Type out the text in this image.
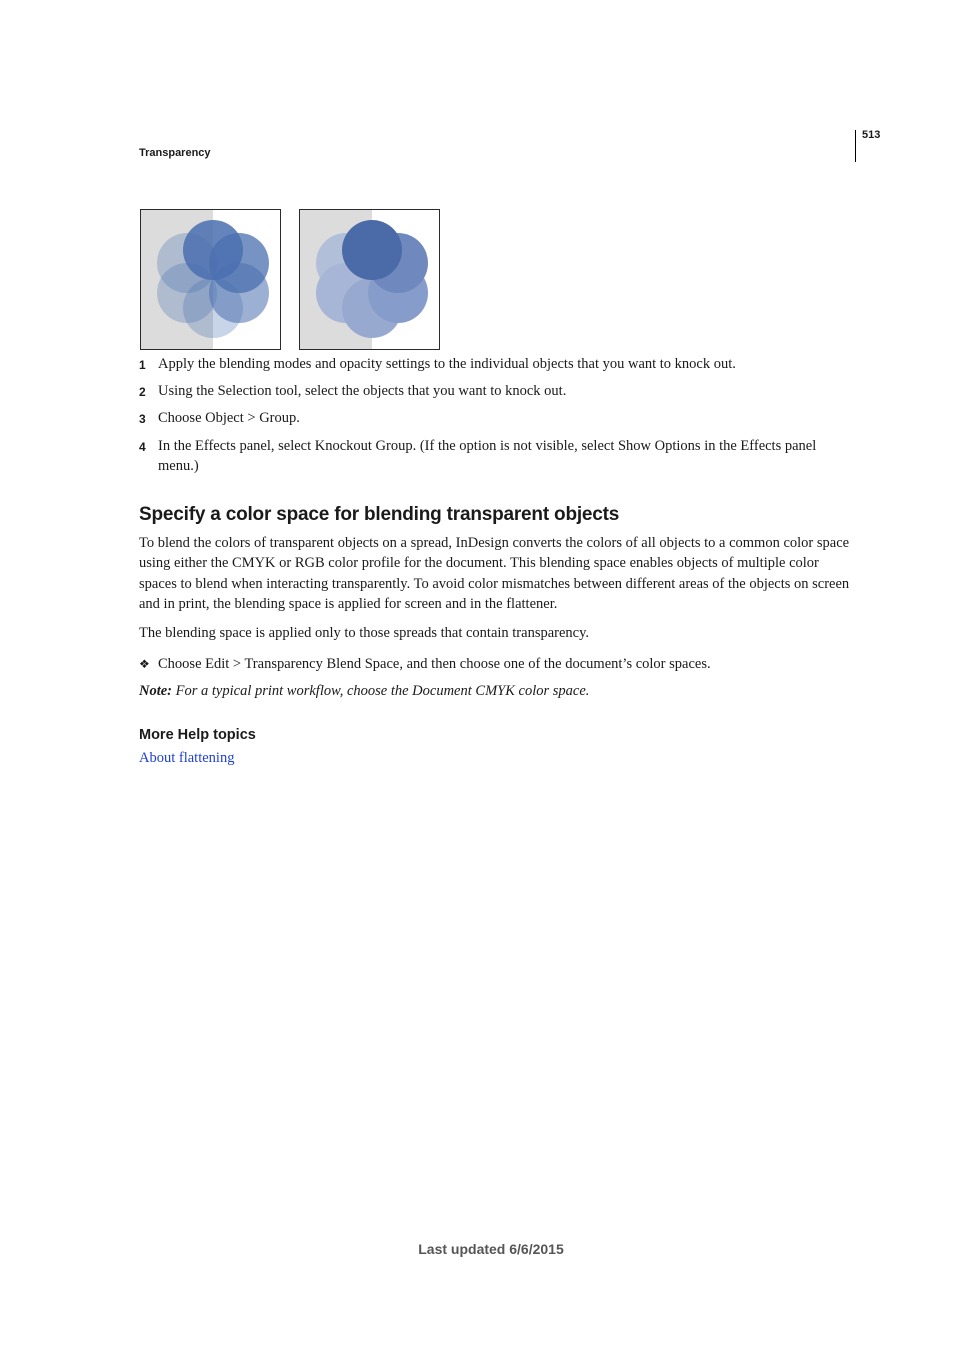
513
Transparency
1 Apply the blending modes and opacity settings to the individual objects that you want to knock out.
2 Using the Selection tool, select the objects that you want to knock out.
3 Choose Object > Group.
4 In the Effects panel, select Knockout Group. (If the option is not visible, select Show Options in the Effects panel menu.)
Specify a color space for blending transparent objects

To blend the colors of transparent objects on a spread, InDesign converts the colors of all objects to a common color space using either the CMYK or RGB color profile for the document. This blending space enables objects of multiple color spaces to blend when interacting transparently. To avoid color mismatches between different areas of the objects on screen and in print, the blending space is applied for screen and in the flattener.

The blending space is applied only to those spreads that contain transparency.

❖ Choose Edit > Transparency Blend Space, and then choose one of the document’s color spaces.
Note: For a typical print workflow, choose the Document CMYK color space.
More Help topics
About flattening
Last updated 6/6/2015
